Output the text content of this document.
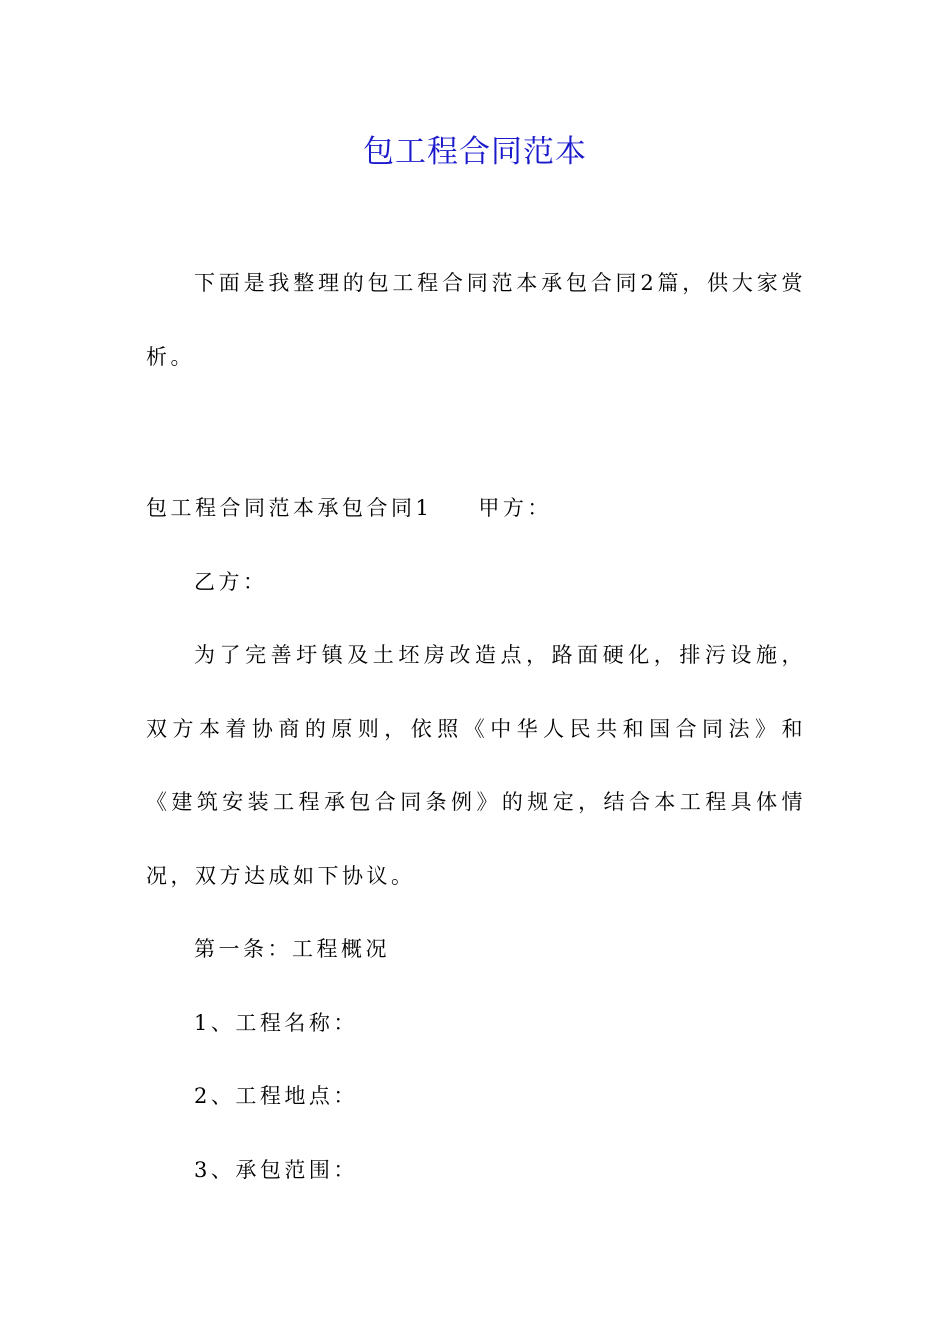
包工程合同范本

下面是我整理的包工程合同范本承包合同2篇，供大家赏析。

包工程合同范本承包合同1 甲方：

乙方：

为了完善圩镇及土坯房改造点，路面硬化，排污设施，双方本着协商的原则，依照《中华人民共和国合同法》和《建筑安装工程承包合同条例》的规定，结合本工程具体情况，双方达成如下协议。

第一条：工程概况

1、工程名称：

2、工程地点：

3、承包范围：
